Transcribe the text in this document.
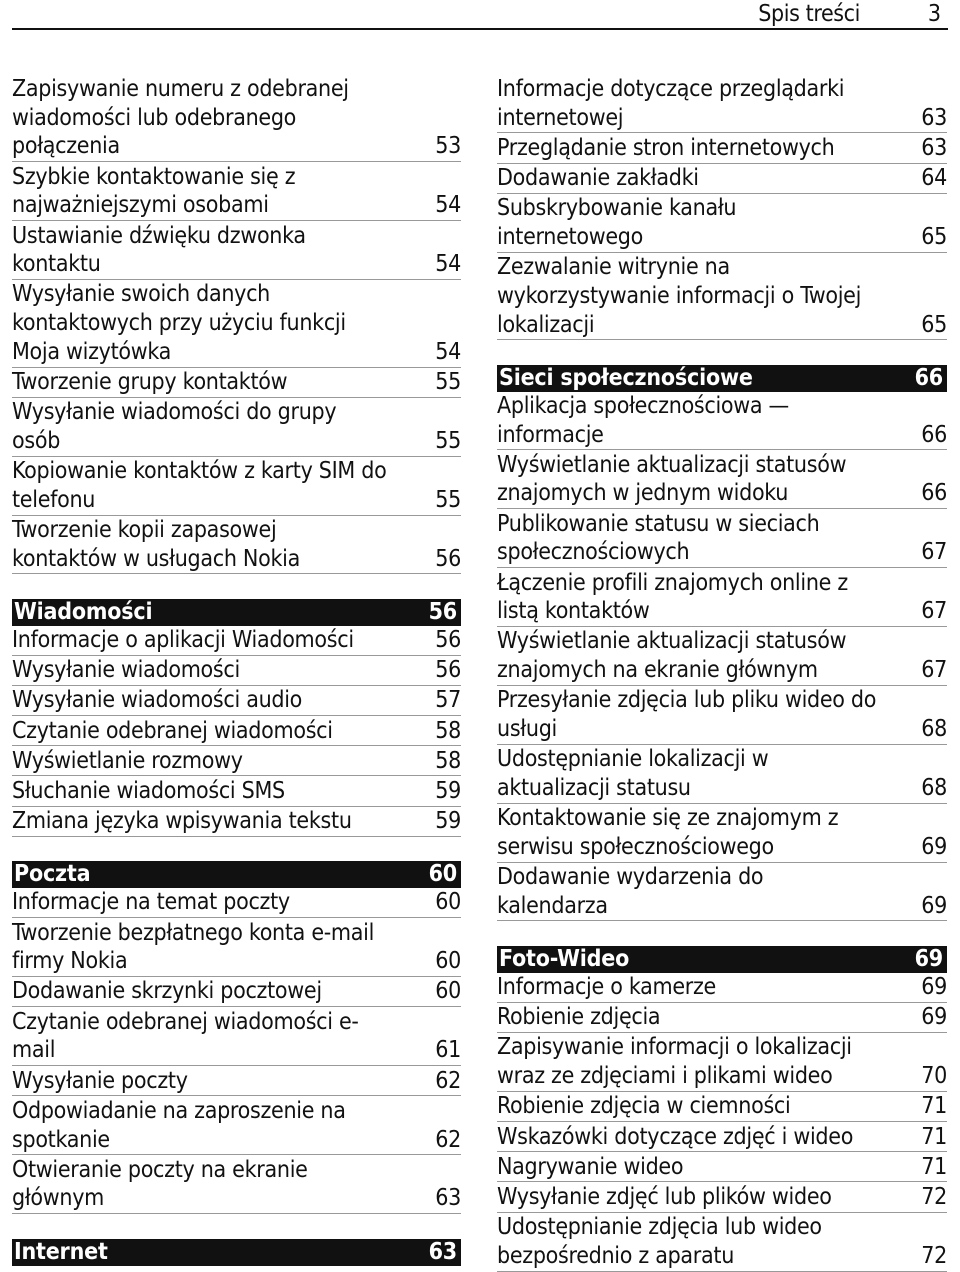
Spis treści	3
Zapisywanie numeru z odebranej
wiadomości lub odebranego
połączenia	53
Szybkie kontaktowanie się z
najważniejszymi osobami	54
Ustawianie dźwięku dzwonka
kontaktu	54
Wysyłanie swoich danych
kontaktowych przy użyciu funkcji
Moja wizytówka	54
Tworzenie grupy kontaktów	55
Wysyłanie wiadomości do grupy
osób	55
Kopiowanie kontaktów z karty SIM do
telefonu	55
Tworzenie kopii zapasowej
kontaktów w usługach Nokia	56
Wiadomości	56
Informacje o aplikacji Wiadomości	56
Wysyłanie wiadomości	56
Wysyłanie wiadomości audio	57
Czytanie odebranej wiadomości	58
Wyświetlanie rozmowy	58
Słuchanie wiadomości SMS	59
Zmiana języka wpisywania tekstu	59
Poczta	60
Informacje na temat poczty	60
Tworzenie bezpłatnego konta e-mail
firmy Nokia	60
Dodawanie skrzynki pocztowej	60
Czytanie odebranej wiadomości e-
mail	61
Wysyłanie poczty	62
Odpowiadanie na zaproszenie na
spotkanie	62
Otwieranie poczty na ekranie
głównym	63
Internet	63
Informacje dotyczące przeglądarki
internetowej	63
Przeglądanie stron internetowych	63
Dodawanie zakładki	64
Subskrybowanie kanału
internetowego	65
Zezwalanie witrynie na
wykorzystywanie informacji o Twojej
lokalizacji	65
Sieci społecznościowe	66
Aplikacja społecznościowa —
informacje	66
Wyświetlanie aktualizacji statusów
znajomych w jednym widoku	66
Publikowanie statusu w sieciach
społecznościowych	67
Łączenie profili znajomych online z
listą kontaktów	67
Wyświetlanie aktualizacji statusów
znajomych na ekranie głównym	67
Przesyłanie zdjęcia lub pliku wideo do
usługi	68
Udostępnianie lokalizacji w
aktualizacji statusu	68
Kontaktowanie się ze znajomym z
serwisu społecznościowego	69
Dodawanie wydarzenia do
kalendarza	69
Foto-Wideo	69
Informacje o kamerze	69
Robienie zdjęcia	69
Zapisywanie informacji o lokalizacji
wraz ze zdjęciami i plikami wideo	70
Robienie zdjęcia w ciemności	71
Wskazówki dotyczące zdjęć i wideo	71
Nagrywanie wideo	71
Wysyłanie zdjęć lub plików wideo	72
Udostępnianie zdjęcia lub wideo
bezpośrednio z aparatu	72
